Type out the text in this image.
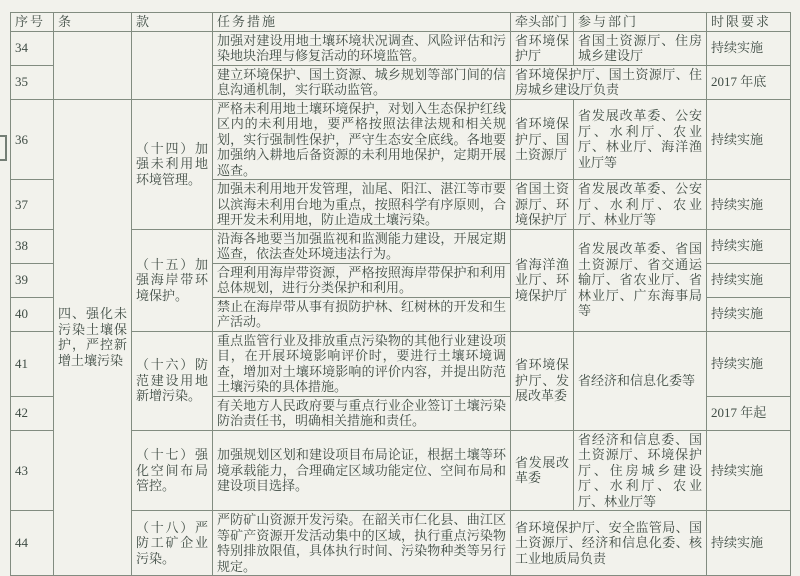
序号	条	款	任务措施	牵头部门	参与部门	时限要求
34			加强对建设用地土壤环境状况调查、风险评估和污染地块治理与修复活动的环境监管。	省环境保护厅	省国土资源厅、住房城乡建设厅	持续实施
35			建立环境保护、国土资源、城乡规划等部门间的信息沟通机制，实行联动监管。	省环境保护厅、国土资源厅、住房城乡建设厅负责		2017 年底
36	四、强化未污染土壤保护，严控新增土壤污染	（十四）加强未利用地环境管理。	严格未利用地土壤环境保护，对划入生态保护红线区内的未利用地，要严格按照法律法规和相关规划，实行强制性保护，严守生态安全底线。各地要加强纳入耕地后备资源的未利用地保护，定期开展巡查。	省环境保护厅、国土资源厅	省发展改革委、公安厅、水利厅、农业厅、林业厅、海洋渔业厅等	持续实施
37			加强未利用地开发管理，汕尾、阳江、湛江等市要以滨海未利用台地为重点，按照科学有序原则，合理开发未利用地，防止造成土壤污染。	省国土资源厅、环境保护厅	省发展改革委、公安厅、水利厅、农业厅、林业厅等	持续实施
38		（十五）加强海岸带环境保护。	沿海各地要当加强监视和监测能力建设，开展定期巡查，依法查处环境违法行为。	省海洋渔业厅、环境保护厅	省发展改革委、省国土资源厅、省交通运输厅、省农业厅、省林业厅、广东海事局等	持续实施
39			合理利用海岸带资源，严格按照海岸带保护和利用总体规划，进行分类保护和利用。			持续实施
40			禁止在海岸带从事有损防护林、红树林的开发和生产活动。			持续实施
41		（十六）防范建设用地新增污染。	重点监管行业及排放重点污染物的其他行业建设项目，在开展环境影响评价时，要进行土壤环境调查，增加对土壤环境影响的评价内容，并提出防范土壤污染的具体措施。	省环境保护厅、发展改革委	省经济和信息化委等	持续实施
42			有关地方人民政府要与重点行业企业签订土壤污染防治责任书，明确相关措施和责任。			2017 年起
43		（十七）强化空间布局管控。	加强规划区划和建设项目布局论证，根据土壤等环境承载能力，合理确定区域功能定位、空间布局和建设项目选择。	省发展改革委	省经济和信息委、国土资源厅、环境保护厅、住房城乡建设厅、水利厅、农业厅、林业厅等	持续实施
44		（十八）严防工矿企业污染。	严防矿山资源开发污染。在韶关市仁化县、曲江区等矿产资源开发活动集中的区域，执行重点污染物特别排放限值，具体执行时间、污染物种类等另行规定。	省环境保护厅、安全监管局、国土资源厅、经济和信息化委、核工业地质局负责		持续实施
